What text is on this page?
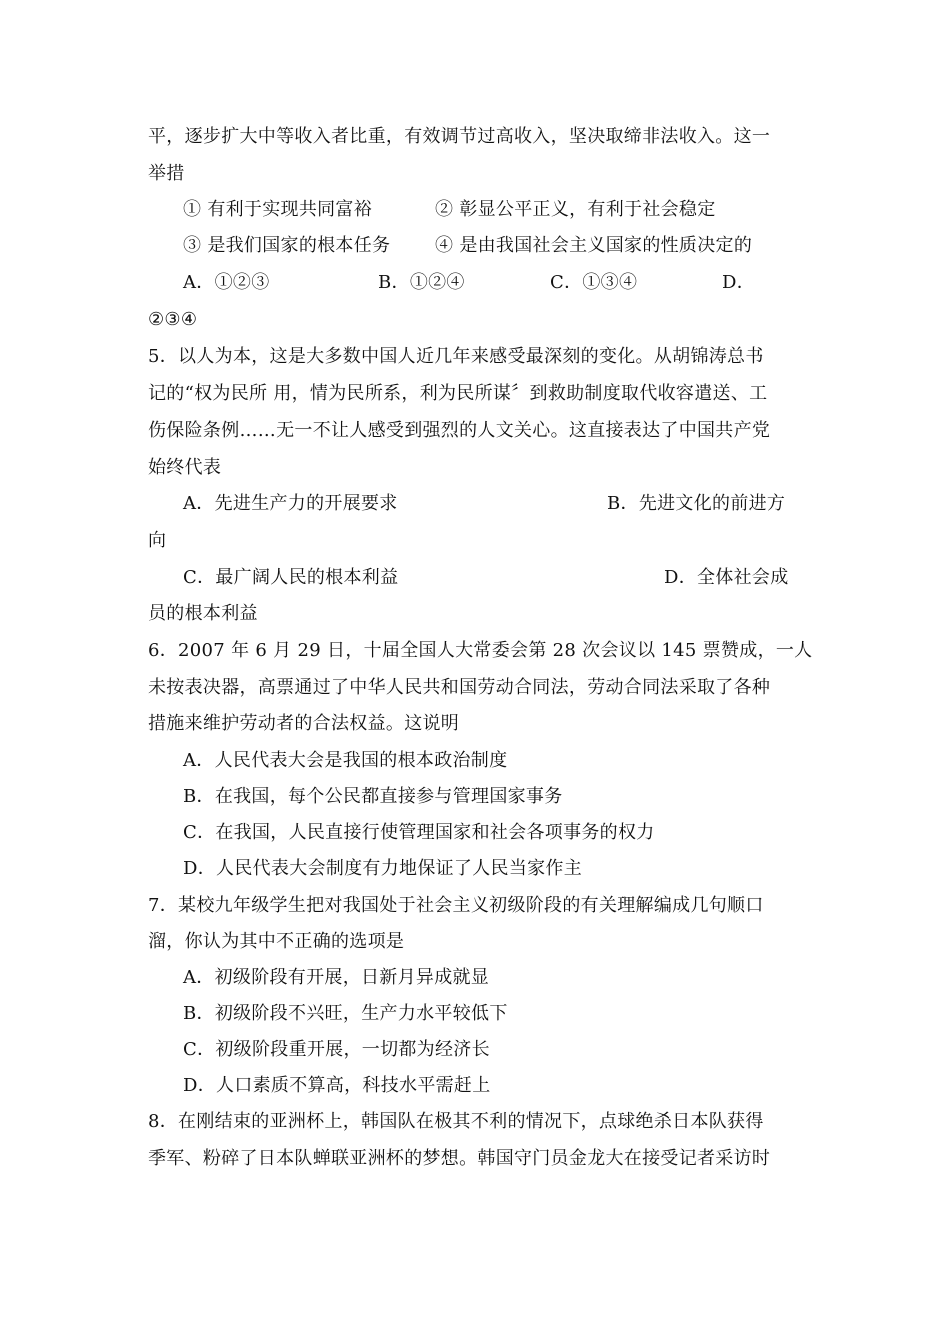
平，逐步扩大中等收入者比重，有效调节过高收入，坚决取缔非法收入。这一
举措
① 有利于实现共同富裕	② 彰显公平正义，有利于社会稳定
③ 是我们国家的根本任务 ④ 是由我国社会主义国家的性质决定的
A．①②③	B．①②④	C．①③④	D．
②③④
5．以人为本，这是大多数中国人近几年来感受最深刻的变化。从胡锦涛总书
记的“权为民所 用，情为民所系，利为民所谋〞到救助制度取代收容遣送、工
伤保险条例……无一不让人感受到强烈的人文关心。这直接表达了中国共产党
始终代表
A．先进生产力的开展要求	B．先进文化的前进方
向
C．最广阔人民的根本利益	D．全体社会成
员的根本利益
6．2007 年 6 月 29 日，十届全国人大常委会第 28 次会议以 145 票赞成，一人
未按表决器，高票通过了中华人民共和国劳动合同法，劳动合同法采取了各种
措施来维护劳动者的合法权益。这说明
A．人民代表大会是我国的根本政治制度
B．在我国，每个公民都直接参与管理国家事务
C．在我国，人民直接行使管理国家和社会各项事务的权力
D．人民代表大会制度有力地保证了人民当家作主
7．某校九年级学生把对我国处于社会主义初级阶段的有关理解编成几句顺口
溜，你认为其中不正确的选项是
A．初级阶段有开展，日新月异成就显
B．初级阶段不兴旺，生产力水平较低下
C．初级阶段重开展，一切都为经济长
D．人口素质不算高，科技水平需赶上
8．在刚结束的亚洲杯上，韩国队在极其不利的情况下，点球绝杀日本队获得
季军、粉碎了日本队蝉联亚洲杯的梦想。韩国守门员金龙大在接受记者采访时
